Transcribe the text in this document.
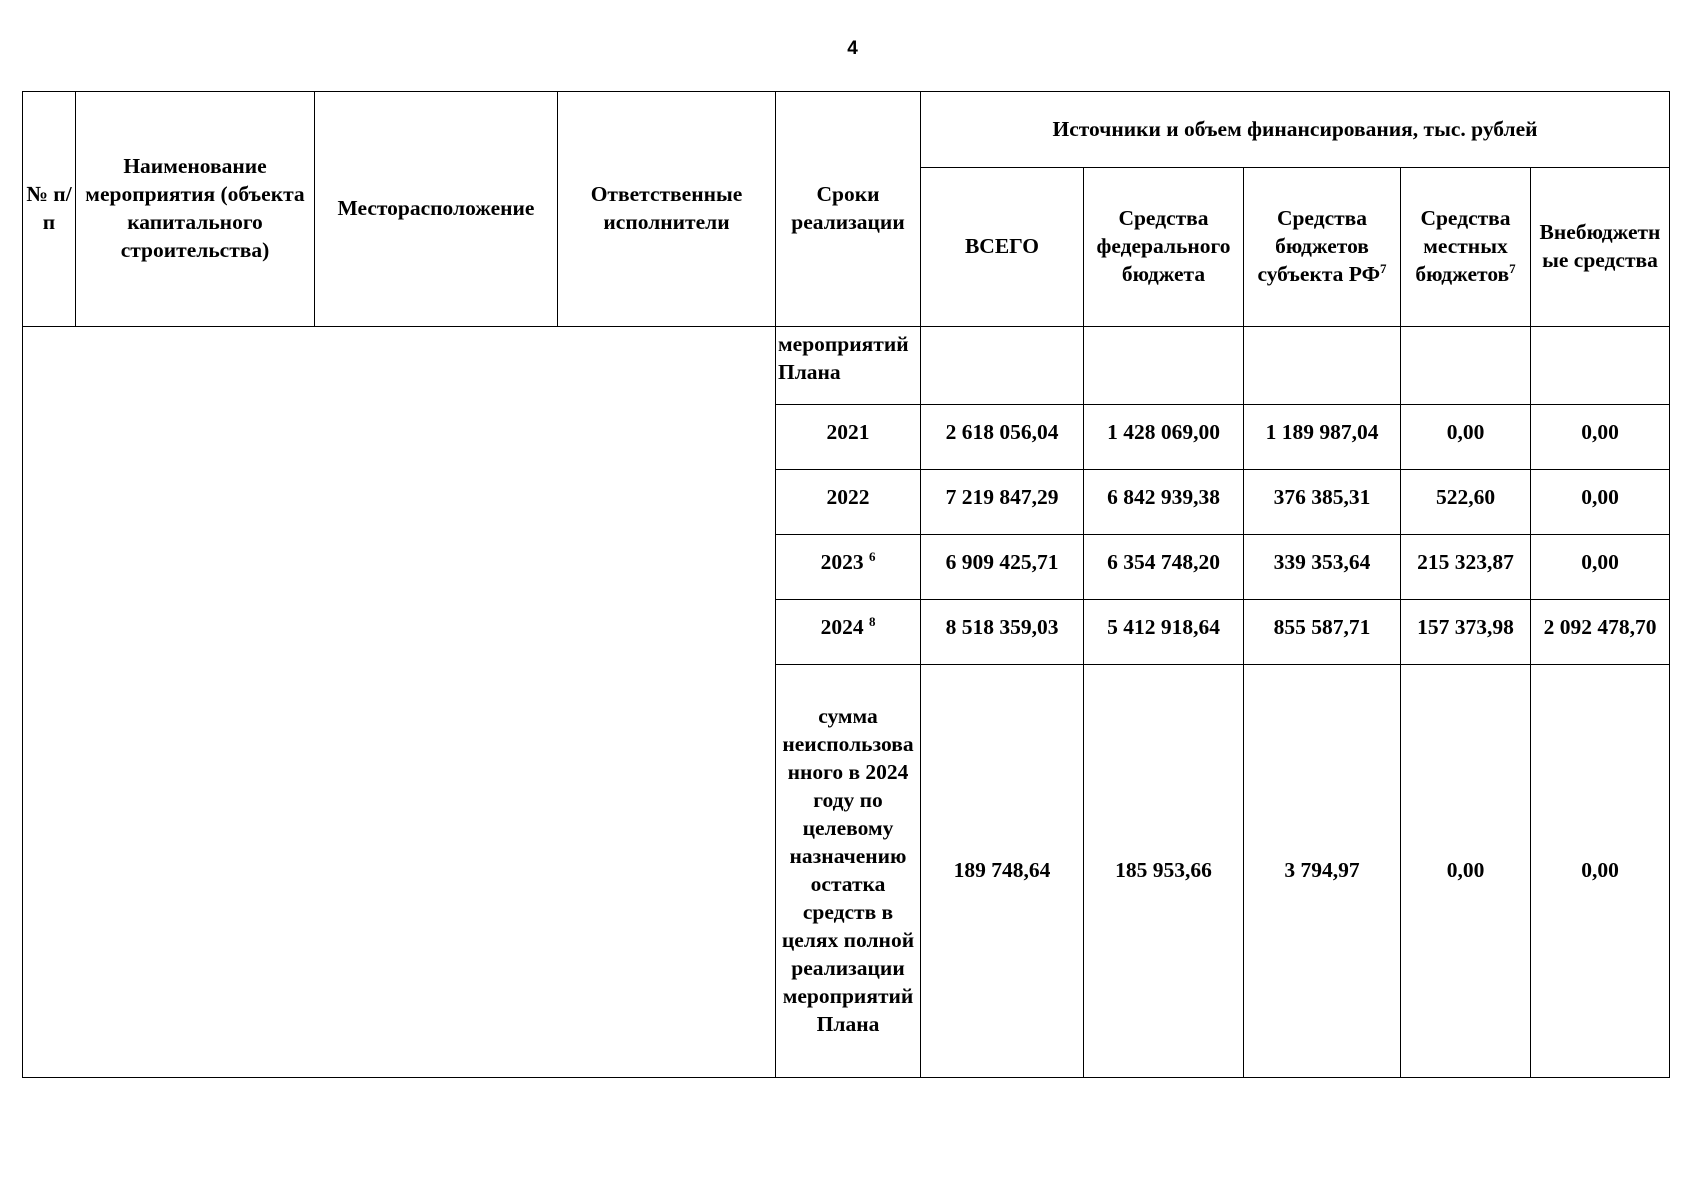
4
№ п/п	Наименование мероприятия (объекта капитального строительства)	Месторасположение	Ответственные исполнители	Сроки реализации	Источники и объем финансирования, тыс. рублей				
					ВСЕГО	Средства федерального бюджета	Средства бюджетов субъекта $РФ^7$	Средства местных бюджетов$^7$	Внебюджетные средства
				мероприятий Плана					
				2021	2 618 056,04	1 428 069,00	1 189 987,04	0,00	0,00
				2022	7 219 847,29	6 842 939,38	376 385,31	522,60	0,00
				2023 $^6$	6 909 425,71	6 354 748,20	339 353,64	215 323,87	0,00
				2024 $^8$	8 518 359,03	5 412 918,64	855 587,71	157 373,98	2 092 478,70
				сумма неиспользованного в 2024 году по целевому назначению остатка средств в целях полной реализации мероприятий Плана	189 748,64	185 953,66	3 794,97	0,00	0,00
